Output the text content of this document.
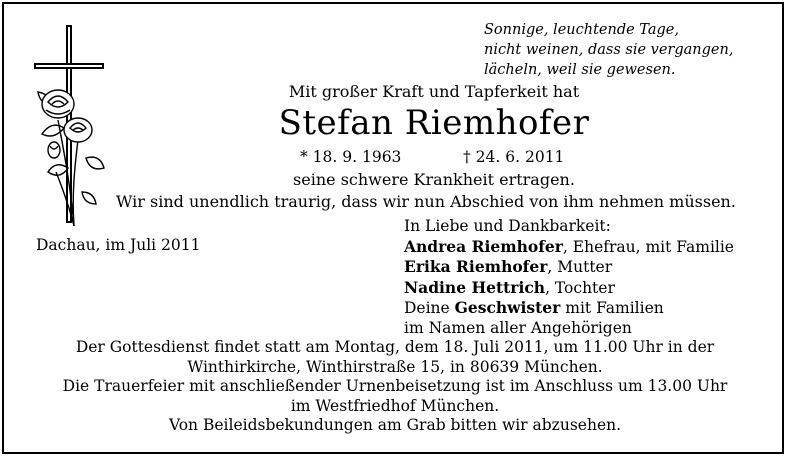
Sonnige, leuchtende Tage,
nicht weinen, dass sie vergangen,
lächeln, weil sie gewesen.
Mit großer Kraft und Tapferkeit hat
Stefan Riemhofer
* 18. 9. 1963	† 24. 6. 2011
seine schwere Krankheit ertragen.
Wir sind unendlich traurig, dass wir nun Abschied von ihm nehmen müssen.
Dachau, im Juli 2011
In Liebe und Dankbarkeit:
Andrea Riemhofer, Ehefrau, mit Familie
Erika Riemhofer, Mutter
Nadine Hettrich, Tochter
Deine Geschwister mit Familien
im Namen aller Angehörigen
Der Gottesdienst findet statt am Montag, dem 18. Juli 2011, um 11.00 Uhr in der
Winthirkirche, Winthirstraße 15, in 80639 München.
Die Trauerfeier mit anschließender Urnenbeisetzung ist im Anschluss um 13.00 Uhr
im Westfriedhof München.
Von Beileidsbekundungen am Grab bitten wir abzusehen.
